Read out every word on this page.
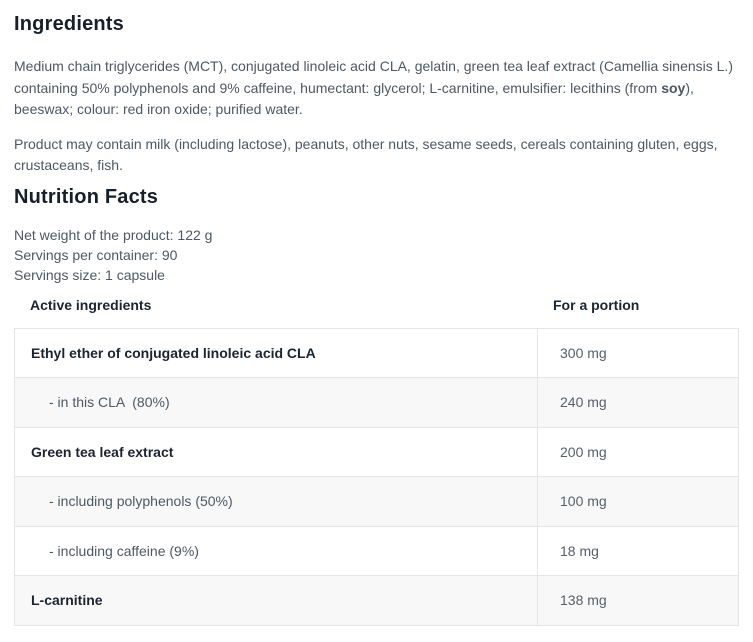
Ingredients

Medium chain triglycerides (MCT), conjugated linoleic acid CLA, gelatin, green tea leaf extract (Camellia sinensis L.) containing 50% polyphenols and 9% caffeine, humectant: glycerol; L-carnitine, emulsifier: lecithins (from soy), beeswax; colour: red iron oxide; purified water.

Product may contain milk (including lactose), peanuts, other nuts, sesame seeds, cereals containing gluten, eggs, crustaceans, fish.

Nutrition Facts
Net weight of the product: 122 g
Servings per container: 90
Servings size: 1 capsule
Active ingredients	For a portion
Ethyl ether of conjugated linoleic acid CLA	300 mg
- in this CLA  (80%)	240 mg
Green tea leaf extract	200 mg
- including polyphenols (50%)	100 mg
- including caffeine (9%)	18 mg
L-carnitine	138 mg
